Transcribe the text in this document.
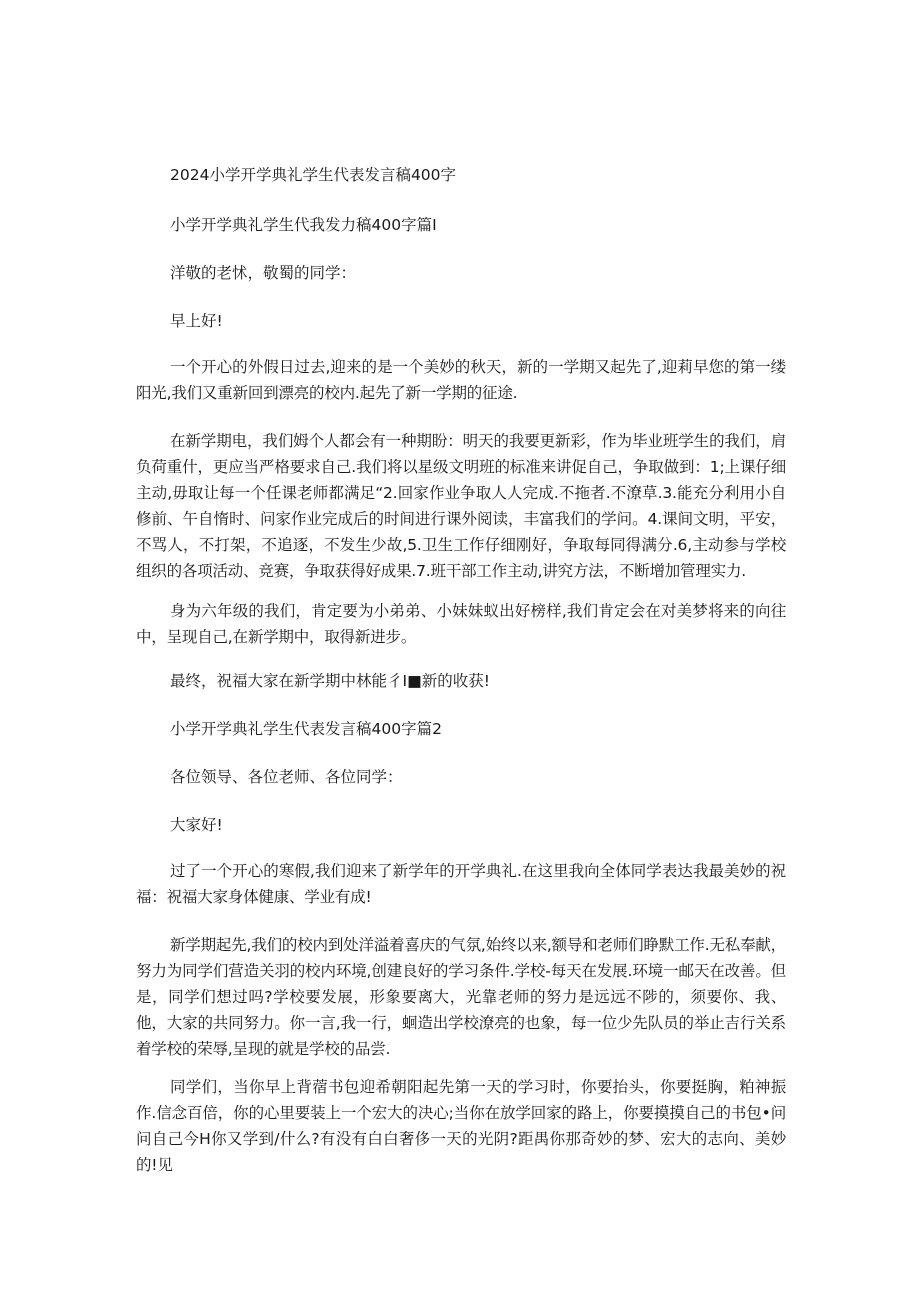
2024小学开学典礼学生代表发言稿400字
小学开学典礼学生代我发力稿400字篇I
洋敬的老怵，敬蜀的同学：
早上好!
一个开心的外假日过去,迎来的是一个美妙的秋天，新的一学期又起先了,迎莉早您的第一缕阳光,我们又重新回到漂亮的校内.起先了新一学期的征途.
在新学期电，我们姆个人都会有一种期盼：明天的我要更新彩，作为毕业班学生的我们，肩负荷重什，更应当严格要求自己.我们将以星级文明班的标准来讲促自己，争取做到：1;上课仔细主动,毋取让每一个任课老师都满足“2.回家作业争取人人完成.不拖者.不潦草.3.能充分利用小自修前、午自惰时、问家作业完成后的时间进行课外阅读，丰富我们的学问。4.课间文明，平安，不骂人，不打架，不追逐，不发生少故,5.卫生工作仔细刚好，争取每同得满分.6,主动参与学校组织的各项活动、竞赛，争取获得好成果.7.班干部工作主动,讲究方法，不断增加管理实力.
身为六年级的我们，肯定要为小弟弟、小妹妹蚁出好榜样,我们肯定会在对美梦将来的向往中，呈现自己,在新学期中，取得新进步。
最终，祝福大家在新学期中林能彳I■新的收获!
小学开学典礼学生代表发言稿400字篇2
各位领导、各位老师、各位同学：
大家好!
过了一个开心的寒假,我们迎来了新学年的开学典礼.在这里我向全体同学表达我最美妙的祝福：祝福大家身体健康、学业有成!
新学期起先,我们的校内到处洋溢着喜庆的气氛,始终以来,额导和老师们睁默工作.无私奉献，努力为同学们营造关羽的校内环境,创建良好的学习条件.学校-每天在发展.环境一邮天在改善。但是，同学们想过吗?学校要发展，形象要离大，光靠老师的努力是远远不陟的，须要你、我、他，大家的共同努力。你一言,我一行，蛔造出学校潦亮的也象，每一位少先队员的举止吉行关系着学校的荣辱,呈现的就是学校的品尝.
同学们，当你早上背蓿书包迎希朝阳起先第一天的学习时，你要抬头，你要挺胸，粕神振作.信念百倍，你的心里要装上一个宏大的决心;当你在放学回家的路上，你要摸摸自己的书包•问问自己今H你又学到/什么?有没有白白奢侈一天的光阴?距禺你那奇妙的梦、宏大的志向、美妙的!见
